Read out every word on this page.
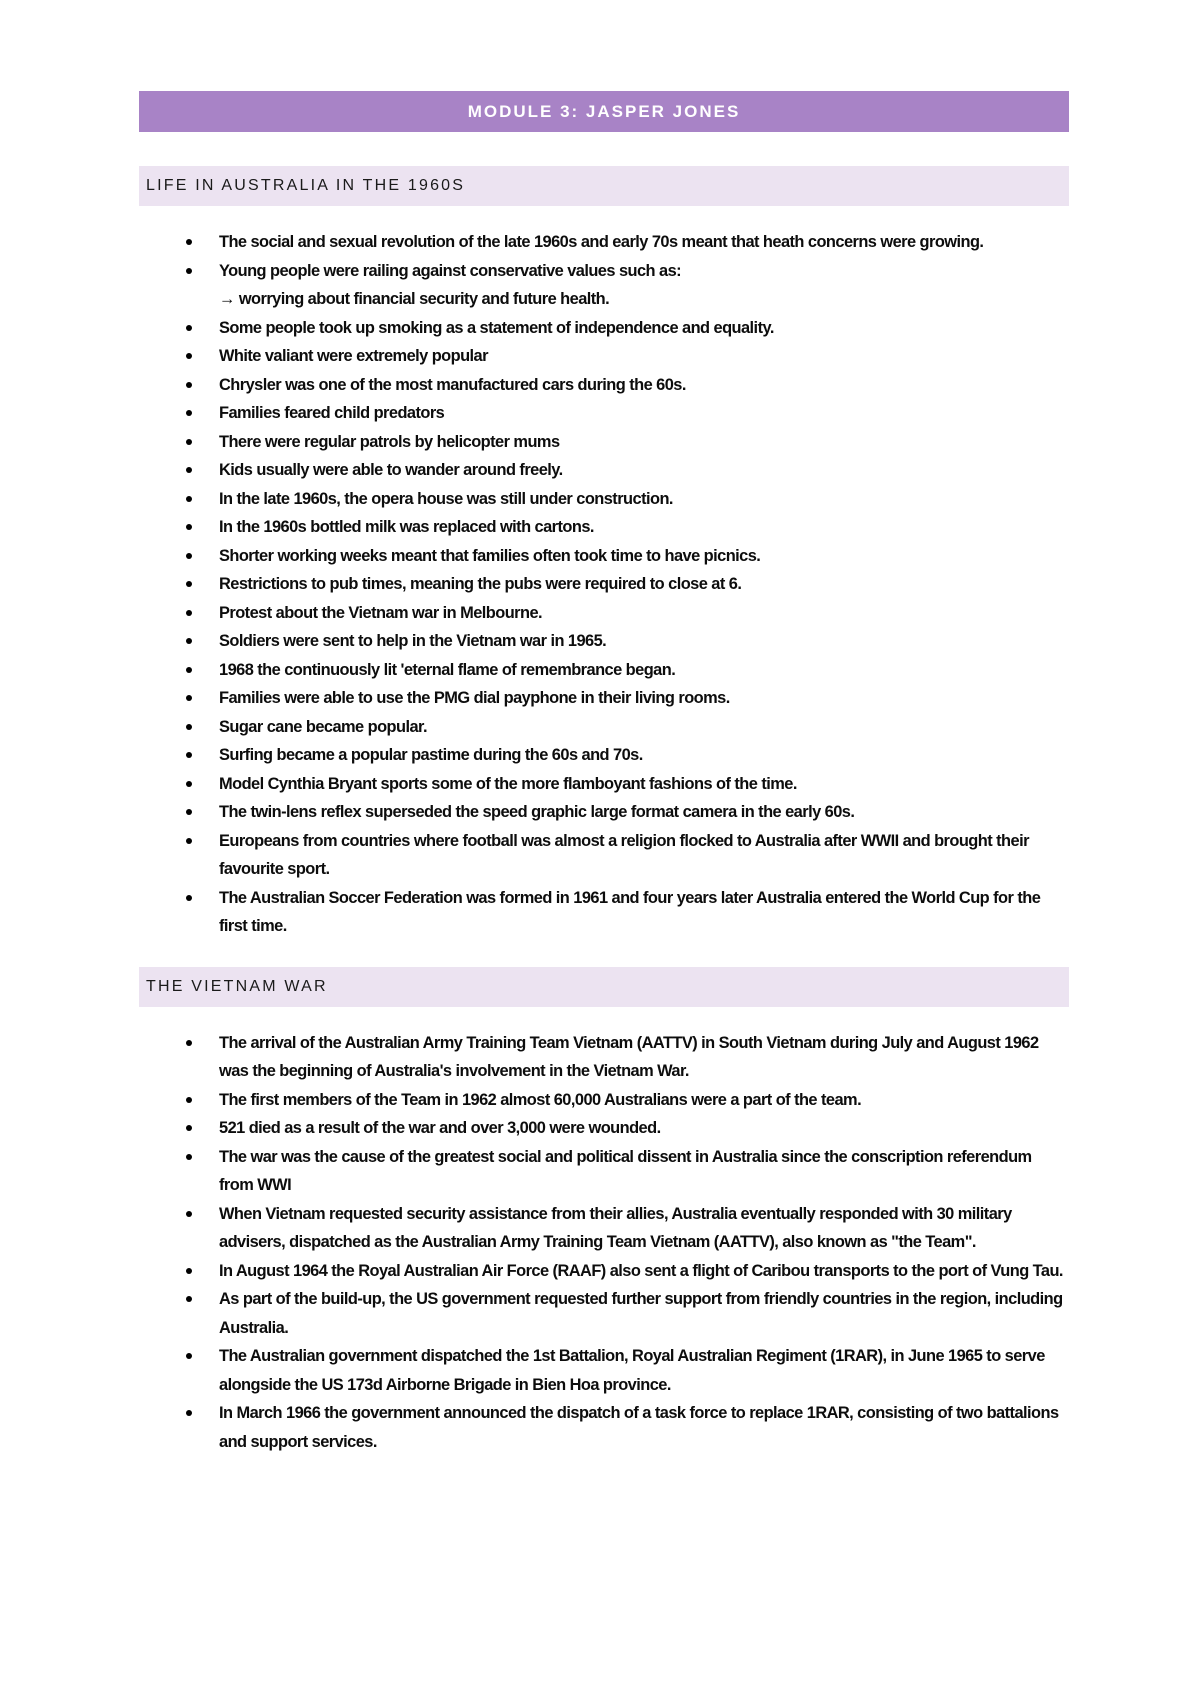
MODULE 3: JASPER JONES
LIFE IN AUSTRALIA IN THE 1960S
The social and sexual revolution of the late 1960s and early 70s meant that heath concerns were growing.
Young people were railing against conservative values such as:
→ worrying about financial security and future health.
Some people took up smoking as a statement of independence and equality.
White valiant were extremely popular
Chrysler was one of the most manufactured cars during the 60s.
Families feared child predators
There were regular patrols by helicopter mums
Kids usually were able to wander around freely.
In the late 1960s, the opera house was still under construction.
In the 1960s bottled milk was replaced with cartons.
Shorter working weeks meant that families often took time to have picnics.
Restrictions to pub times, meaning the pubs were required to close at 6.
Protest about the Vietnam war in Melbourne.
Soldiers were sent to help in the Vietnam war in 1965.
1968 the continuously lit 'eternal flame of remembrance began.
Families were able to use the PMG dial payphone in their living rooms.
Sugar cane became popular.
Surfing became a popular pastime during the 60s and 70s.
Model Cynthia Bryant sports some of the more flamboyant fashions of the time.
The twin-lens reflex superseded the speed graphic large format camera in the early 60s.
Europeans from countries where football was almost a religion flocked to Australia after WWII and brought their favourite sport.
The Australian Soccer Federation was formed in 1961 and four years later Australia entered the World Cup for the first time.
THE VIETNAM WAR
The arrival of the Australian Army Training Team Vietnam (AATTV) in South Vietnam during July and August 1962 was the beginning of Australia's involvement in the Vietnam War.
The first members of the Team in 1962 almost 60,000 Australians were a part of the team.
521 died as a result of the war and over 3,000 were wounded.
The war was the cause of the greatest social and political dissent in Australia since the conscription referendum from WWI
When Vietnam requested security assistance from their allies, Australia eventually responded with 30 military advisers, dispatched as the Australian Army Training Team Vietnam (AATTV), also known as "the Team".
In August 1964 the Royal Australian Air Force (RAAF) also sent a flight of Caribou transports to the port of Vung Tau.
As part of the build-up, the US government requested further support from friendly countries in the region, including Australia.
The Australian government dispatched the 1st Battalion, Royal Australian Regiment (1RAR), in June 1965 to serve alongside the US 173d Airborne Brigade in Bien Hoa province.
In March 1966 the government announced the dispatch of a task force to replace 1RAR, consisting of two battalions and support services.
